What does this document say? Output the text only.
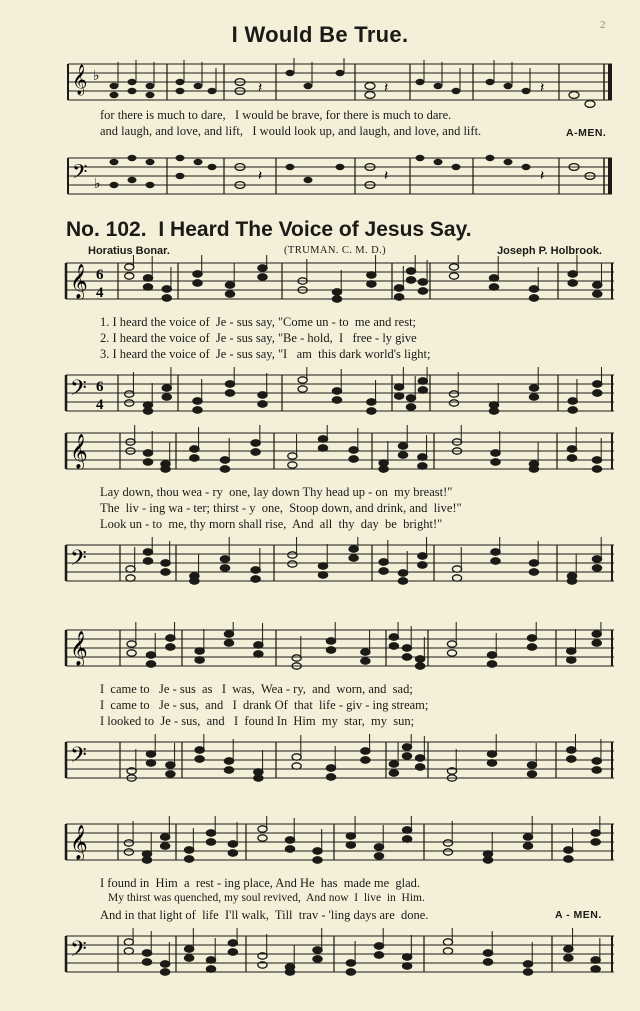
I Would Be True.
𝄞 ♭
𝄽	𝄽	𝄽
for there is much to dare,   I would be brave, for there is much to dare.
and laugh, and love, and lift,   I would look up, and laugh, and love, and lift.	A-MEN.
𝄢 ♭
𝄽	𝄽	𝄽
No. 102. I Heard The Voice of Jesus Say.
Horatius Bonar.	(TRUMAN. C. M. D.)	Joseph P. Holbrook.
𝄞 6
4
1. I heard the voice of  Je - sus say, "Come un - to  me and rest;
2. I heard the voice of  Je - sus say, "Be - hold,  I   free - ly give
3. I heard the voice of  Je - sus say, "I   am  this dark world's light;
𝄢 6
4
𝄞
Lay down, thou wea - ry  one, lay down Thy head up - on  my breast!"
The  liv - ing wa - ter; thirst - y  one,  Stoop down, and drink, and  live!"
Look un - to  me, thy morn shall rise,  And  all  thy  day  be  bright!"
𝄢
𝄞
I  came to   Je - sus  as   I  was,  Wea - ry,  and  worn, and  sad;
I  came to   Je - sus,  and   I  drank Of  that  life - giv - ing stream;
I looked to  Je - sus,  and   I  found In  Him  my  star,  my  sun;
𝄢
𝄞
I found in  Him  a  rest - ing place, And He  has  made me  glad.
My thirst was quenched, my soul revived,  And now  I  live  in  Him.
And in that light of  life  I'll walk,  Till  trav - 'ling days are  done.	A - MEN.
𝄢
2
